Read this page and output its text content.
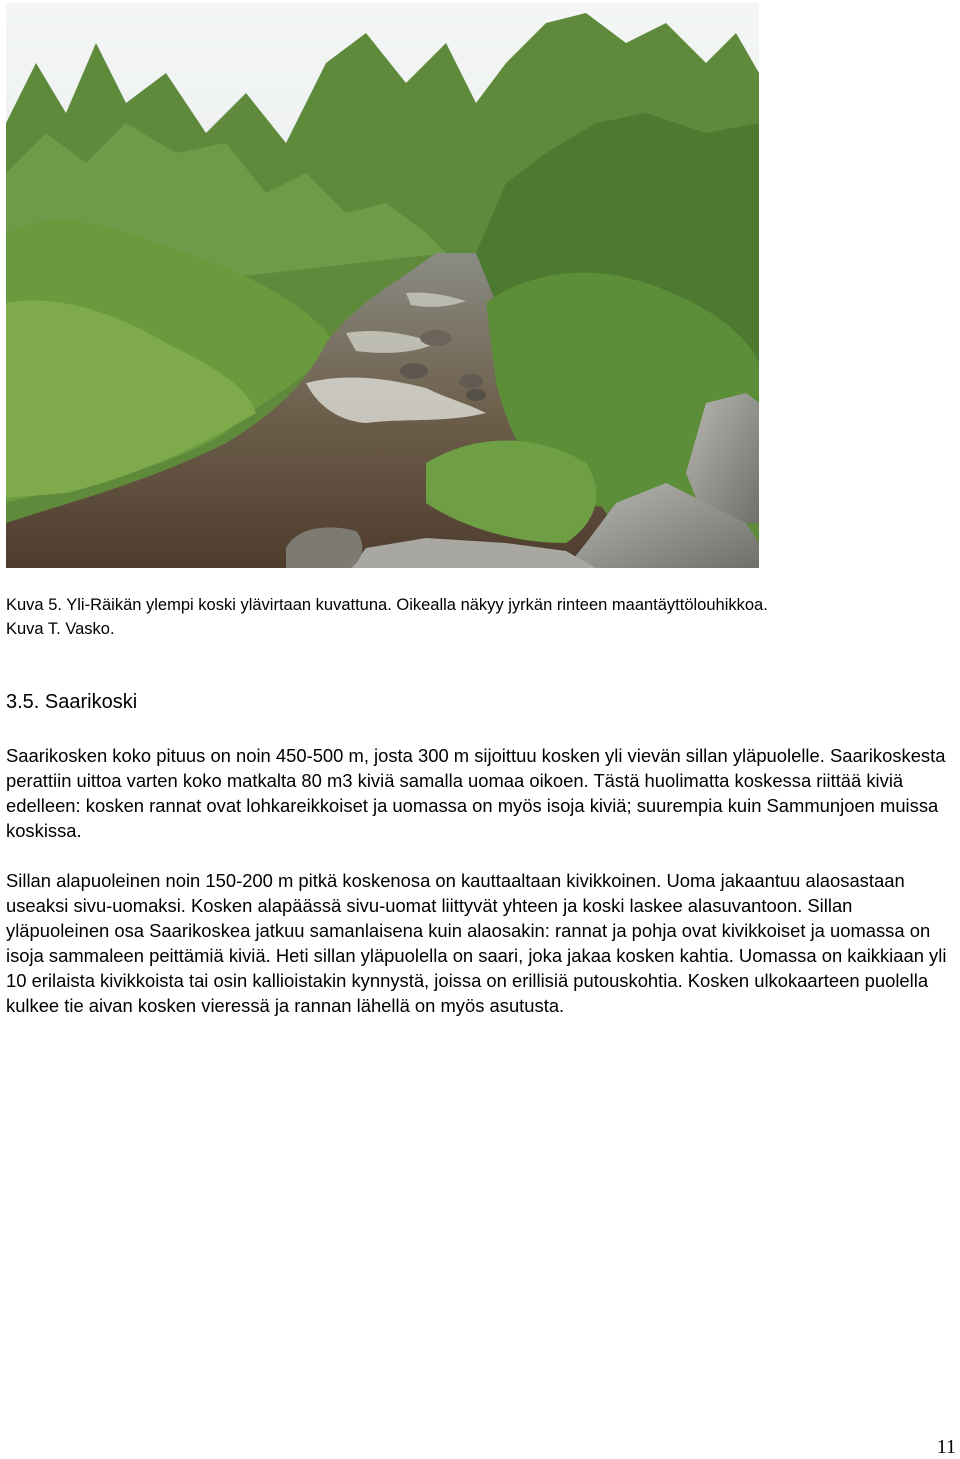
Kuva 5. Yli-Räikän ylempi koski ylävirtaan kuvattuna. Oikealla näkyy jyrkän rinteen maantäyttölouhikkoa.
Kuva T. Vasko.
3.5. Saarikoski

Saarikosken koko pituus on noin 450-500 m, josta 300 m sijoittuu kosken yli vievän sillan yläpuolelle. Saarikoskesta perattiin uittoa varten koko matkalta 80 m3 kiviä samalla uomaa oikoen. Tästä huolimatta koskessa riittää kiviä edelleen: kosken rannat ovat lohkareikkoiset ja uomassa on myös isoja kiviä; suurempia kuin Sammunjoen muissa koskissa.

Sillan alapuoleinen noin 150-200 m pitkä koskenosa on kauttaaltaan kivikkoinen. Uoma jakaantuu alaosastaan useaksi sivu-uomaksi. Kosken alapäässä sivu-uomat liittyvät yhteen ja koski laskee alasuvantoon. Sillan yläpuoleinen osa Saarikoskea jatkuu samanlaisena kuin alaosakin: rannat ja pohja ovat kivikkoiset ja uomassa on isoja sammaleen peittämiä kiviä. Heti sillan yläpuolella on saari, joka jakaa kosken kahtia. Uomassa on kaikkiaan yli 10 erilaista kivikkoista tai osin kallioistakin kynnystä, joissa on erillisiä putouskohtia. Kosken ulkokaarteen puolella kulkee tie aivan kosken vieressä ja rannan lähellä on myös asutusta.

11
